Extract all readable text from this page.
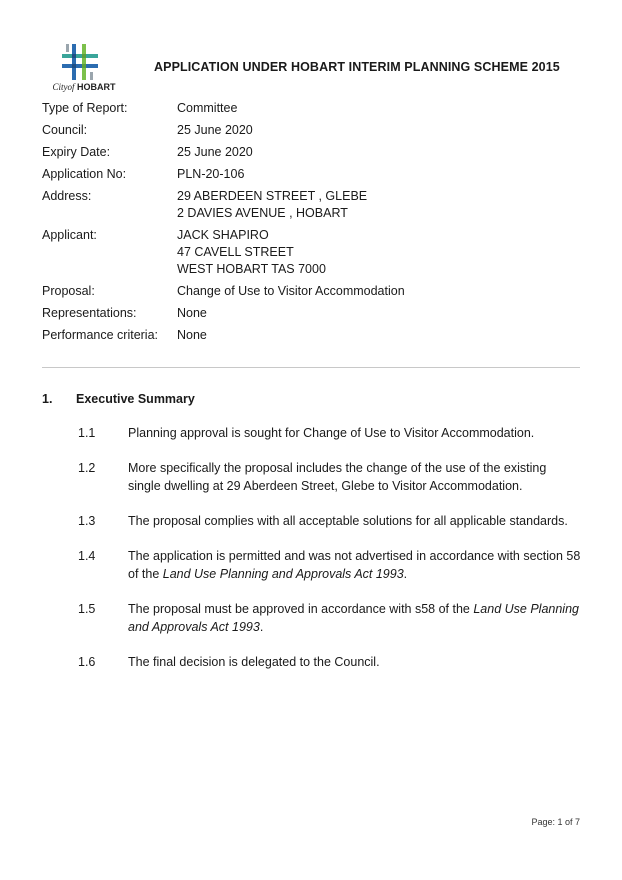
Cityof HOBART
APPLICATION UNDER HOBART INTERIM PLANNING SCHEME 2015
Type of Report:	Committee
Council:	25 June 2020
Expiry Date:	25 June 2020
Application No:	PLN-20-106
Address:	29 ABERDEEN STREET , GLEBE
2 DAVIES AVENUE , HOBART
Applicant:	JACK SHAPIRO
47 CAVELL STREET
WEST HOBART TAS 7000
Proposal:	Change of Use to Visitor Accommodation
Representations:	None
Performance criteria:	None
1.	Executive Summary
1.1	Planning approval is sought for Change of Use to Visitor Accommodation.
1.2	More specifically the proposal includes the change of the use of the existing single dwelling at 29 Aberdeen Street, Glebe to Visitor Accommodation.
1.3	The proposal complies with all acceptable solutions for all applicable standards.
1.4	The application is permitted and was not advertised in accordance with section 58 of the Land Use Planning and Approvals Act 1993.
1.5	The proposal must be approved in accordance with s58 of the Land Use Planning and Approvals Act 1993.
1.6	The final decision is delegated to the Council.
Page: 1 of 7
